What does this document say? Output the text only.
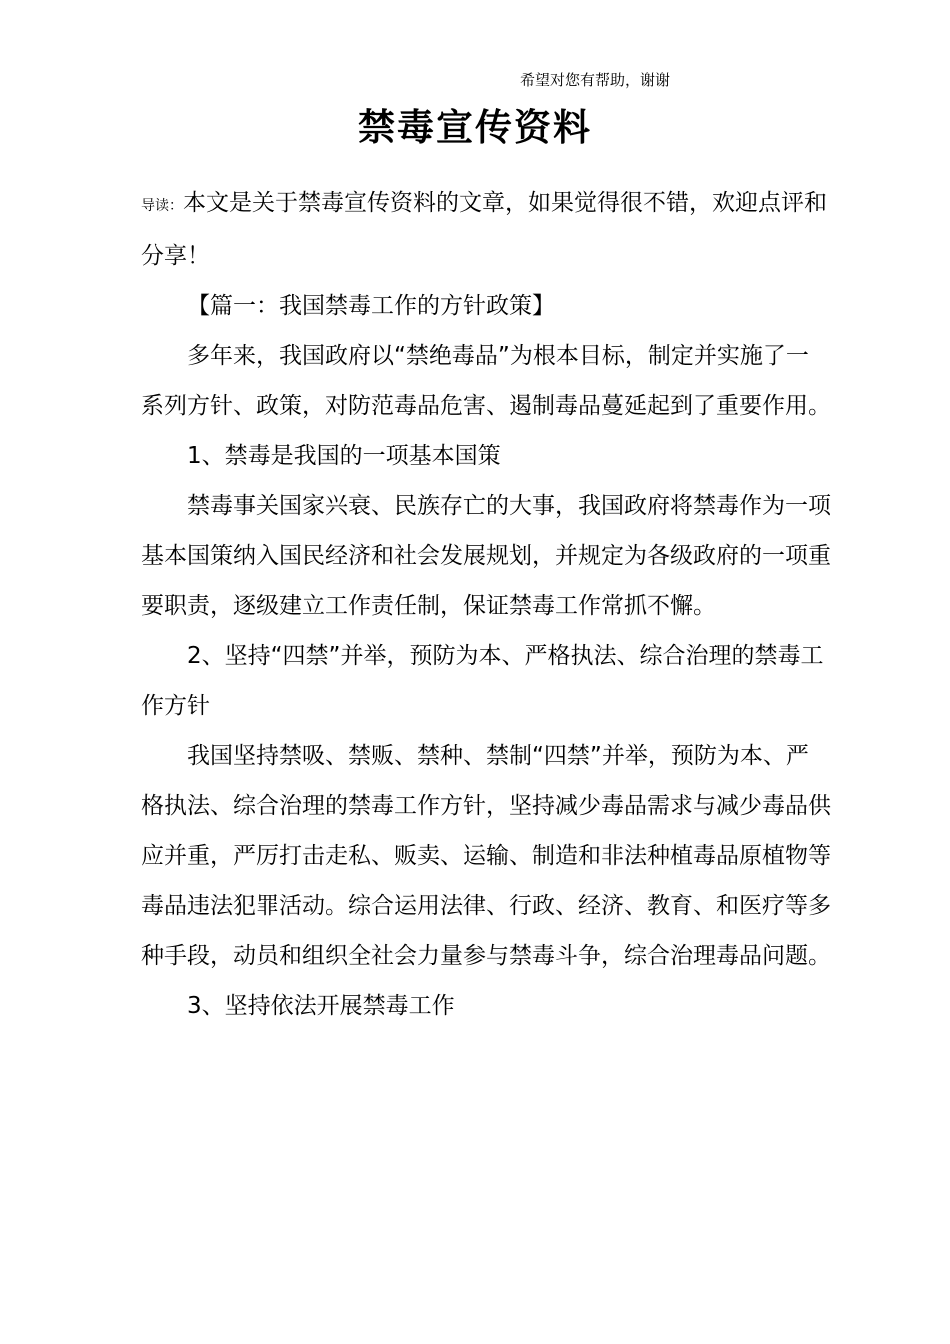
希望对您有帮助，谢谢
禁毒宣传资料

导读：本文是关于禁毒宣传资料的文章，如果觉得很不错，欢迎点评和分享！

【篇一：我国禁毒工作的方针政策】

多年来，我国政府以“禁绝毒品”为根本目标，制定并实施了一系列方针、政策，对防范毒品危害、遏制毒品蔓延起到了重要作用。

1、禁毒是我国的一项基本国策

禁毒事关国家兴衰、民族存亡的大事，我国政府将禁毒作为一项基本国策纳入国民经济和社会发展规划，并规定为各级政府的一项重要职责，逐级建立工作责任制，保证禁毒工作常抓不懈。

2、坚持“四禁”并举，预防为本、严格执法、综合治理的禁毒工作方针

我国坚持禁吸、禁贩、禁种、禁制“四禁”并举，预防为本、严格执法、综合治理的禁毒工作方针，坚持减少毒品需求与减少毒品供应并重，严厉打击走私、贩卖、运输、制造和非法种植毒品原植物等毒品违法犯罪活动。综合运用法律、行政、经济、教育、和医疗等多种手段，动员和组织全社会力量参与禁毒斗争，综合治理毒品问题。

3、坚持依法开展禁毒工作
